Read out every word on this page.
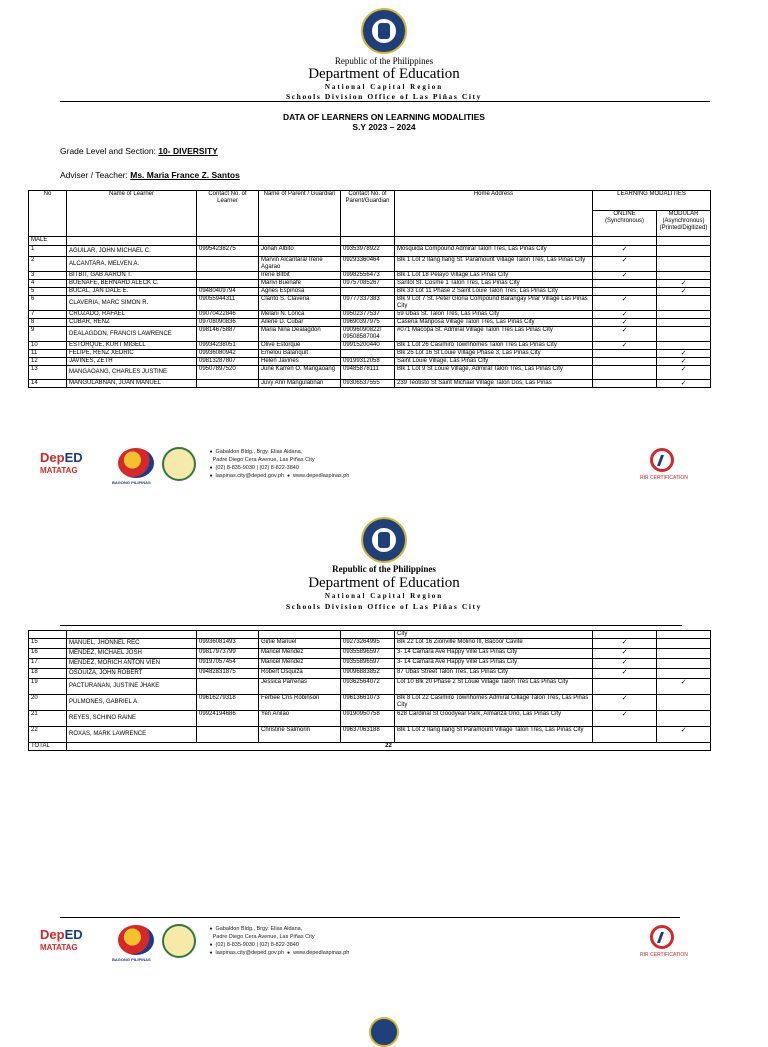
Republic of the Philippines
Department of Education
National Capital Region
Schools Division Office of Las Piñas City
DATA OF LEARNERS ON LEARNING MODALITIES
S.Y 2023 – 2024
Grade Level and Section: 10- DIVERSITY
Adviser / Teacher: Ms. Maria France Z. Santos
No	Name of Learner	Contact No. of Learner	Name of Parent / Guardian	Contact No. of Parent/Guardian	Home Address	LEARNING MODALITIES	
						ONLINE (Synchronous)	MODULAR (Asynchronous) (Printed/Digitized)
MALE							
1	AGUILAR, JOHN MICHAEL C.	09954238275	Jonah Albito	09353978922	Mosquida Compound Admiral Talon Tres, Las Pinas City	✓	
2	ALCANTARA, MELVEN A.		Marvin Alcantara/ Irene Agarao	09293360464	Blk 1 Lot 2 Ilang Ilang St. Paramount Village Talon Tres, Las Pinas City	✓	
3	BITBIT, GAB AARON T.		Irene Bitbit	09982556473	Blk 1 Lot 18 Pelayo Village Las Pinas City	✓	
4	BUENAFE, BERNARD ALECK C.		Marivi Buenafe	09757085267	Santol St. Cosme 1 Talon Tres, Las Pinas City		✓
5	BUCAL, JAN DALE E.	09480409794	Agnes Espinosa		Blk 33 Lot 11 Phase 2 Saint Louie Talon Tres, Las Pinas City		✓
6	CLAVERIA, MARC SIMON R.	09055944311	Clarito S. Claveria	09777337383	Blk 9 Lot 7 St. Peter Gloria Compound Barangay Pilar Village Las Pinas City	✓	
7	CRUZADO, RAFAEL	09070422846	Melani N. Lorica	09502377537	59 Ubas St. Talon Tres, Las Pinas City	✓	
8	CUBAR, RENZ	09708090836	Ailene D. Cubar	09690397975	Caseria Mariposa Village Talon Tres, Las Pinas City	✓	
9	DEALAGDON, FRANCIS LAWRENCE	09814675887	Maria Nina Dealagdon	09096090822/ 09508587004	#071 Macopa St. Admiral Village Talon Tres Las Pinas City	✓	
10	ESTORQUE, KURT MIGELL	09934238051	Olive Estorque	09915200440	Blk 1 Lot 26 Casimiro Townhomes Talon Tres Las Pinas City	✓	
11	FELIPE, RENZ XEDRIC	09936080942	Emelou Balanquit		Blk 25 Lot 16 St Louie Village Phase 3, Las Pinas City		✓
12	JAVINES, ZETH	09813287807	Helen Javines	09199312058	Saint Louie Village, Las Pinas City		✓
13	MANGAOANG, CHARLES JUSTINE	09507897520	June Karren O. Mangaoang	09485878111	Blk 1 Lot 9 St Louie Village, Admiral Talon Tres, Las Pinas City		✓
14	MANGULABNAN, JUAN MANUEL		Juvy Ann Mangulabnan	09306537555	239 Teotisto St Saint Michael Village Talon Dos, Las Pinas		✓
DepED
MATATAG
BAGONG PILIPINAS
● Gabaldon Bldg., Brgy. Elias Aldana,
Padre Diego Cera Avenue, Las Piñas City
● (02) 8-835-9030 | (02) 8-822-3840
● laspinas.city@deped.gov.ph ● www.depedlaspinas.ph	RIR CERTIFICATION
Republic of the Philippines
Department of Education
National Capital Region
Schools Division Office of Las Piñas City
					City		
15	MANUEL, JHONNEL REC	09936081493	Girlie Manuel	09273264995	Blk 22 Lot 16 Zionville Molino III, Bacoor Cavite	✓	
16	MENDEZ, MICHAEL JOSH	09817973799	Maricel Mendez	09355896597	3- 14 Camara Ave Happy Ville Las Pinas City	✓	
17	MENDEZ, MORICH ANTON VIEN	09197057454	Maricel Mendez	09355896597	3- 14 Camara Ave Happy Ville Las Pinas City	✓	
18	OSOUIZA, JOHN ROBERT	09482831875	Robert Osquiza	09096883852	87 Ubas Street Talon Tres, Las Pinas City	✓	
19	PACTURANAN, JUSTINE JHAKE		Jessica Parrenas	09362564072	Lot 10 Blk 20 Phase 2 St Louie Village Talon Tres Las Pinas City		✓
20	PULMONES, GABRIEL A.	09616279318	Ferbee Cris Robinson	09613661073	Blk 8 Lot 22 Casimiro Townhomes Admiral Cillage Talon Tres, Las Pinas City	✓	
21	REYES, SCHINO RAINE	09924194686	Yen Anilao	09190950758	628 Cardinal St Goodyear Park, Almanza Uno, Las Pinas City	✓	
22	ROXAS, MARK LAWRENCE		Christine Salmorin	09637063188	Blk 1 Lot 2 Ilang Ilang St Paramount Village Talon Tres, Las Pinas City		✓
TOTAL	22						
DepED
MATATAG
BAGONG PILIPINAS
● Gabaldon Bldg., Brgy. Elias Aldana,
Padre Diego Cera Avenue, Las Piñas City
● (02) 8-835-9030 | (02) 8-822-3840
● laspinas.city@deped.gov.ph ● www.depedlaspinas.ph	RIR CERTIFICATION
